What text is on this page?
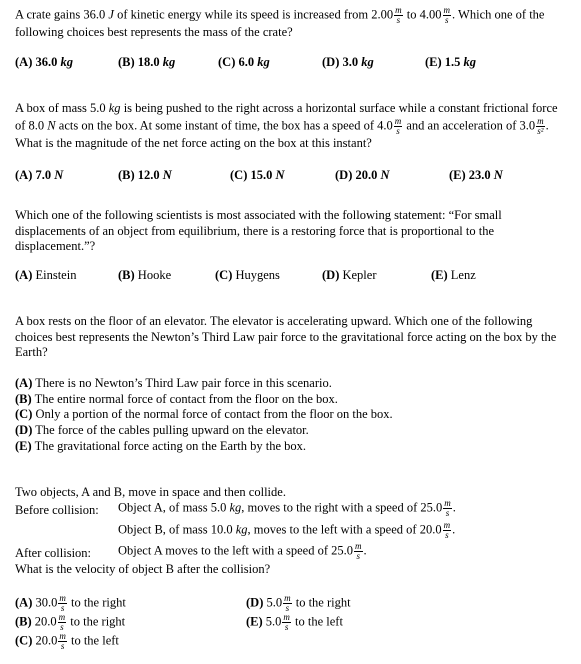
A crate gains 36.0 J of kinetic energy while its speed is increased from $2.00 \frac{m}{s}$ to $4.00 \frac{m}{s}$ . Which one of the following choices best represents the mass of the crate?

(A) 36.0 kg	(B) 18.0 kg	(C) 6.0 kg	(D) 3.0 kg	(E) 1.5 kg

A box of mass 5.0 kg is being pushed to the right across a horizontal surface while a constant frictional force of 8.0 N acts on the box. At some instant of time, the box has a speed of $4.0 \frac{m}{s}$ and an acceleration of $3.0 \frac{m}{\text{s²}}$ . What is the magnitude of the net force acting on the box at this instant?

(A) 7.0 N	(B) 12.0 N	(C) 15.0 N	(D) 20.0 N	(E) 23.0 N

Which one of the following scientists is most associated with the following statement: “For small displacements of an object from equilibrium, there is a restoring force that is proportional to the displacement.”?

(A) Einstein	(B) Hooke	(C) Huygens	(D) Kepler	(E) Lenz

A box rests on the floor of an elevator. The elevator is accelerating upward. Which one of the following choices best represents the Newton’s Third Law pair force to the gravitational force acting on the box by the Earth?

(A) There is no Newton’s Third Law pair force in this scenario.
(B) The entire normal force of contact from the floor on the box.
(C) Only a portion of the normal force of contact from the floor on the box.
(D) The force of the cables pulling upward on the elevator.
(E) The gravitational force acting on the Earth by the box.
Two objects, A and B, move in space and then collide.
Before collision: Object A, of mass 5.0 kg, moves to the right with a speed of $25.0 \frac{m}{s}$ .
Object B, of mass 10.0 kg, moves to the left with a speed of $20.0 \frac{m}{s}$ .
After collision: Object A moves to the left with a speed of $25.0 \frac{m}{s}$ .
What is the velocity of object B after the collision?
(A) $30.0 \frac{m}{s}$ to the right
(B) $20.0 \frac{m}{s}$ to the right
(C) $20.0 \frac{m}{s}$ to the left
(D) $5.0 \frac{m}{s}$ to the right
(E) $5.0 \frac{m}{s}$ to the left
